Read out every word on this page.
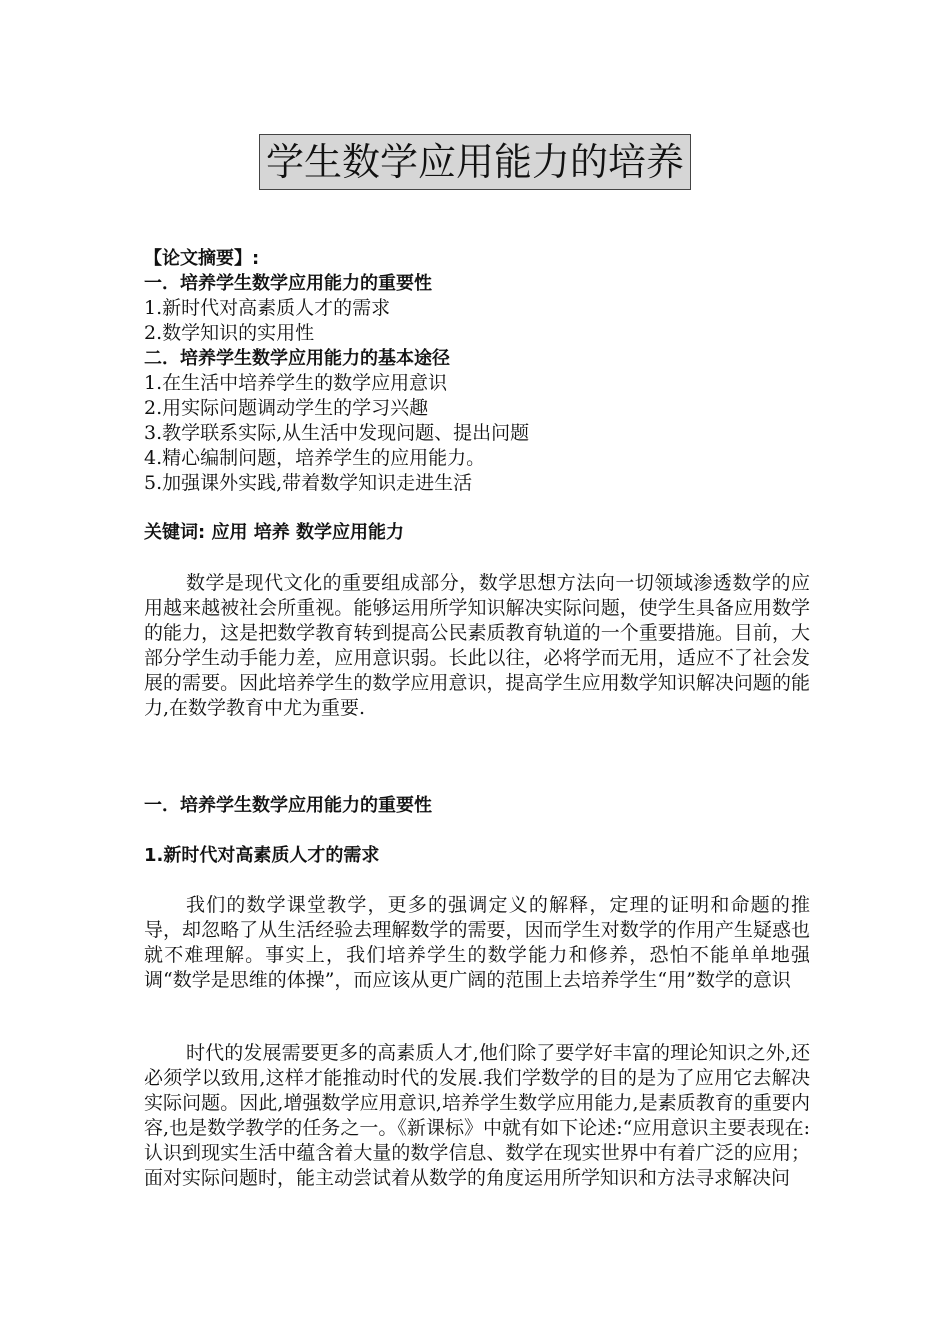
学生数学应用能力的培养
【论文摘要】:
一．培养学生数学应用能力的重要性
1.新时代对高素质人才的需求
2.数学知识的实用性
二．培养学生数学应用能力的基本途径
1.在生活中培养学生的数学应用意识
2.用实际问题调动学生的学习兴趣
3.教学联系实际,从生活中发现问题、提出问题
4.精心编制问题，培养学生的应用能力。
5.加强课外实践,带着数学知识走进生活
关键词: 应用 培养 数学应用能力
数学是现代文化的重要组成部分，数学思想方法向一切领域渗透数学的应用越来越被社会所重视。能够运用所学知识解决实际问题，使学生具备应用数学的能力，这是把数学教育转到提高公民素质教育轨道的一个重要措施。目前，大部分学生动手能力差，应用意识弱。长此以往，必将学而无用，适应不了社会发展的需要。因此培养学生的数学应用意识，提高学生应用数学知识解决问题的能力,在数学教育中尤为重要.
一．培养学生数学应用能力的重要性
1.新时代对高素质人才的需求
我们的数学课堂教学，更多的强调定义的解释，定理的证明和命题的推导，却忽略了从生活经验去理解数学的需要，因而学生对数学的作用产生疑惑也就不难理解。事实上，我们培养学生的数学能力和修养，恐怕不能单单地强调“数学是思维的体操”，而应该从更广阔的范围上去培养学生“用”数学的意识
时代的发展需要更多的高素质人才,他们除了要学好丰富的理论知识之外,还必须学以致用,这样才能推动时代的发展.我们学数学的目的是为了应用它去解决实际问题。因此,增强数学应用意识,培养学生数学应用能力,是素质教育的重要内容,也是数学教学的任务之一。《新课标》中就有如下论述:“应用意识主要表现在:认识到现实生活中蕴含着大量的数学信息、数学在现实世界中有着广泛的应用；面对实际问题时，能主动尝试着从数学的角度运用所学知识和方法寻求解决问
